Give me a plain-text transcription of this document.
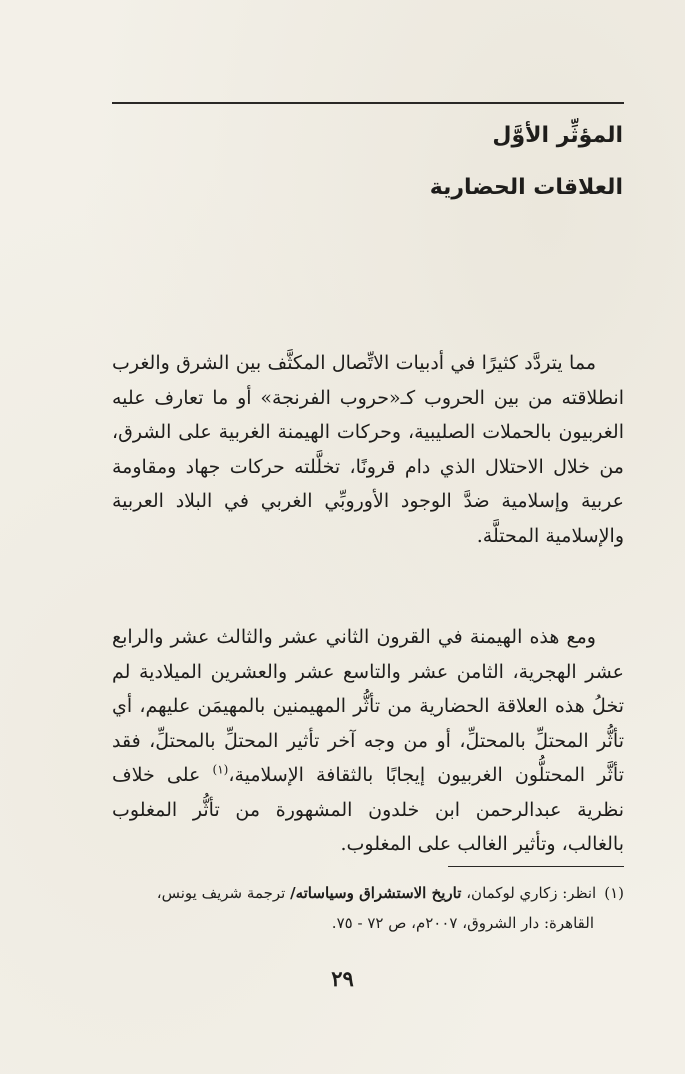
المؤثِّر الأوَّل
العلاقات الحضارية

مما يتردَّد كثيرًا في أدبيات الاتِّصال المكثَّف بين الشرق والغرب انطلاقته من بين الحروب كـ«حروب الفرنجة» أو ما تعارف عليه الغربيون بالحملات الصليبية، وحركات الهيمنة الغربية على الشرق، من خلال الاحتلال الذي دام قرونًا، تخلَّلته حركات جهاد ومقاومة عربية وإسلامية ضدَّ الوجود الأوروبِّي الغربي في البلاد العربية والإسلامية المحتلَّة.

ومع هذه الهيمنة في القرون الثاني عشر والثالث عشر والرابع عشر الهجرية، الثامن عشر والتاسع عشر والعشرين الميلادية لم تخلُ هذه العلاقة الحضارية من تأثُّر المهيمنين بالمهيمَن عليهم، أي تأثُّر المحتلِّ بالمحتلِّ، أو من وجه آخر تأثير المحتلِّ بالمحتلِّ، فقد تأثَّر المحتلُّون الغربيون إيجابًا بالثقافة الإسلامية،$^{(١)}$ على خلاف نظرية عبدالرحمن ابن خلدون المشهورة من تأثُّر المغلوب بالغالب، وتأثير الغالب على المغلوب.

(١)انظر: زكاري لوكمان، تاريخ الاستشراق وسياساته/ ترجمة شريف يونس،
القاهرة: دار الشروق، ٢٠٠٧م، ص ٧٢ - ٧٥.

٢٩
